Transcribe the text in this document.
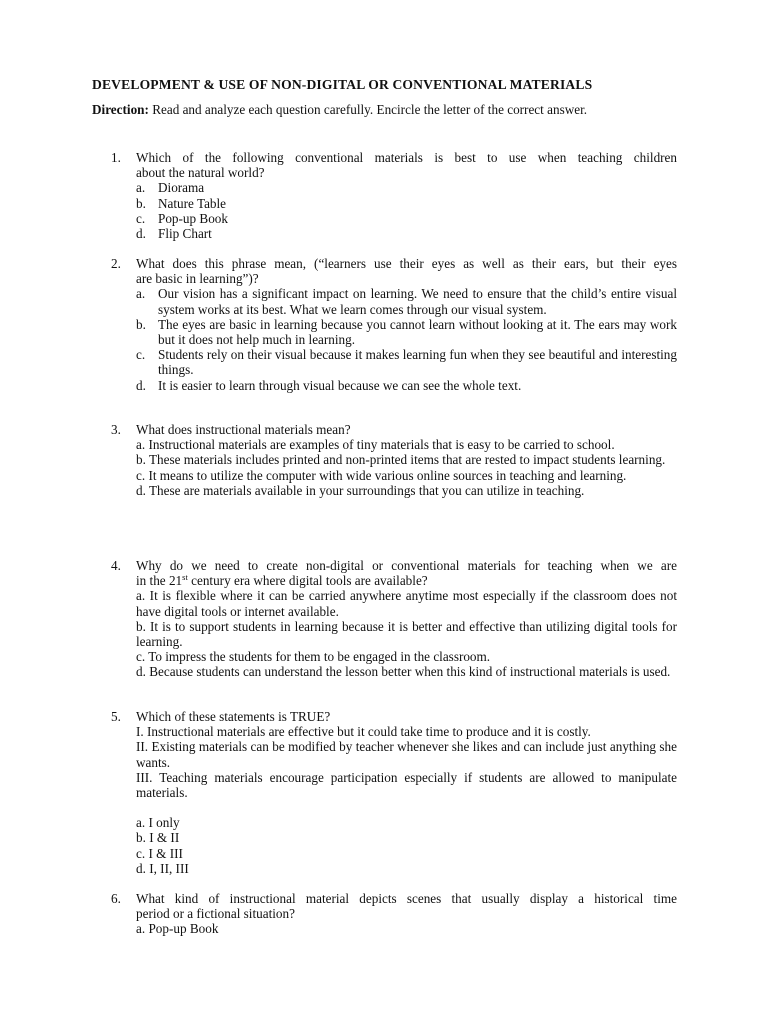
DEVELOPMENT & USE OF NON-DIGITAL OR CONVENTIONAL MATERIALS
Direction: Read and analyze each question carefully. Encircle the letter of the correct answer.
1. Which of the following conventional materials is best to use when teaching children
about the natural world?
a. Diorama
b. Nature Table
c. Pop-up Book
d. Flip Chart
2. What does this phrase mean, (“learners use their eyes as well as their ears, but their eyes
are basic in learning”)?
a. Our vision has a significant impact on learning. We need to ensure that the child’s entire visual system works at its best. What we learn comes through our visual system.
b. The eyes are basic in learning because you cannot learn without looking at it. The ears may work but it does not help much in learning.
c. Students rely on their visual because it makes learning fun when they see beautiful and interesting things.
d. It is easier to learn through visual because we can see the whole text.
3. What does instructional materials mean?
a. Instructional materials are examples of tiny materials that is easy to be carried to school.
b. These materials includes printed and non-printed items that are rested to impact students learning.
c. It means to utilize the computer with wide various online sources in teaching and learning.
d. These are materials available in your surroundings that you can utilize in teaching.
4. Why do we need to create non-digital or conventional materials for teaching when we are
in the 21st century era where digital tools are available?
a. It is flexible where it can be carried anywhere anytime most especially if the classroom does not have digital tools or internet available.
b. It is to support students in learning because it is better and effective than utilizing digital tools for learning.
c. To impress the students for them to be engaged in the classroom.
d. Because students can understand the lesson better when this kind of instructional materials is used.
5. Which of these statements is TRUE?
I. Instructional materials are effective but it could take time to produce and it is costly.
II. Existing materials can be modified by teacher whenever she likes and can include just anything she wants.
III. Teaching materials encourage participation especially if students are allowed to manipulate materials.
a. I only
b. I & II
c. I & III
d. I, II, III
6. What kind of instructional material depicts scenes that usually display a historical time
period or a fictional situation?
a. Pop-up Book
